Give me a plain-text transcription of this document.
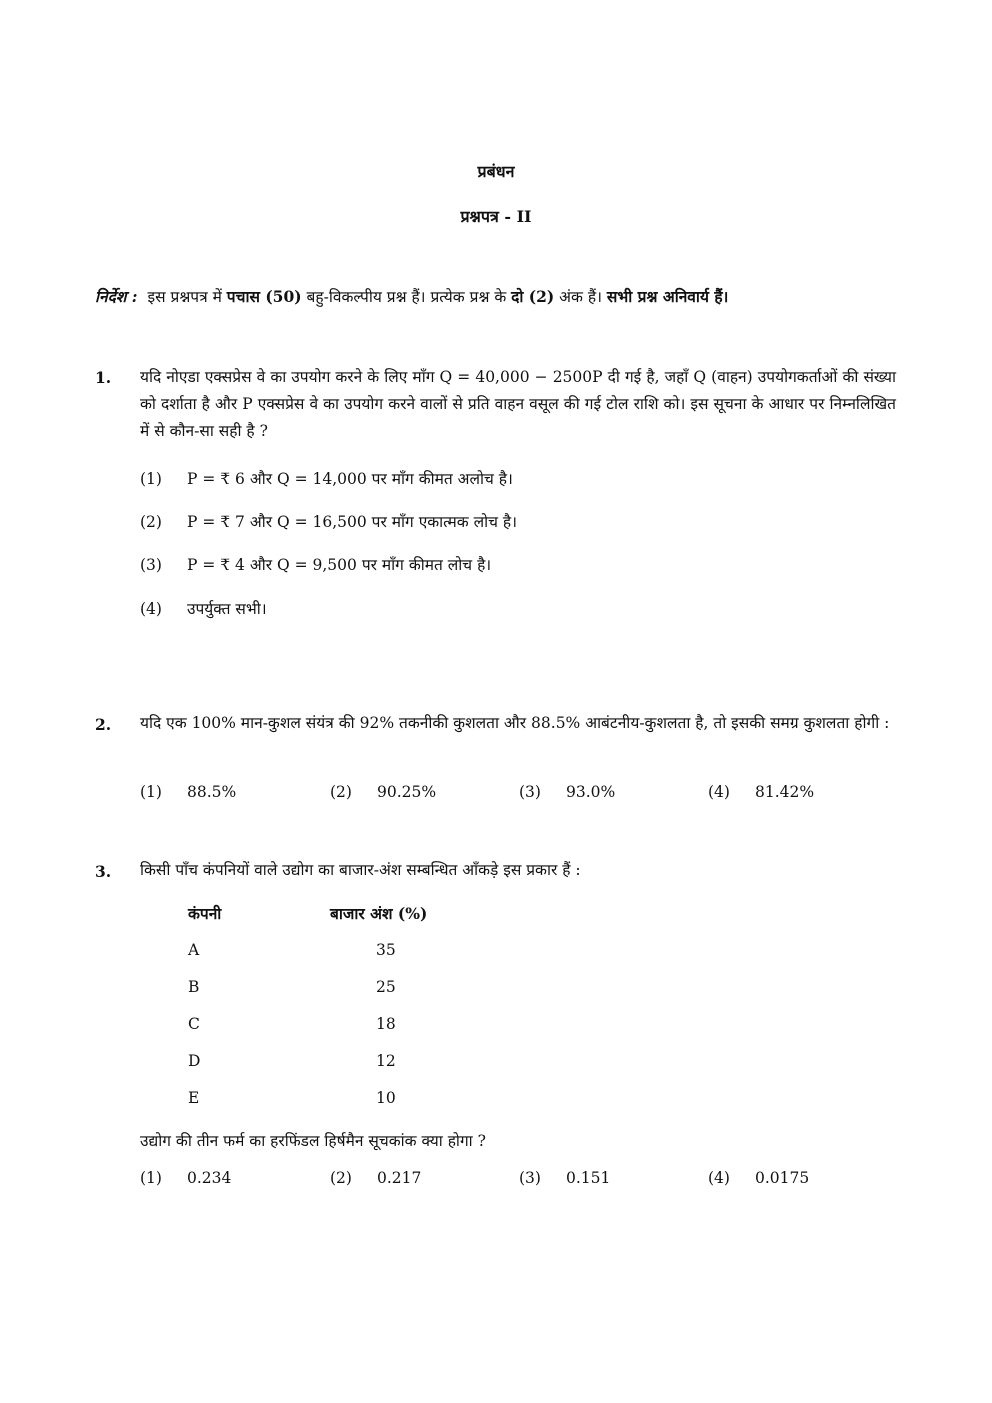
प्रबंधन
प्रश्नपत्र - II
निर्देश : इस प्रश्नपत्र में पचास (50) बहु-विकल्पीय प्रश्न हैं। प्रत्येक प्रश्न के दो (2) अंक हैं। सभी प्रश्न अनिवार्य हैं।
1. यदि नोएडा एक्सप्रेस वे का उपयोग करने के लिए माँग Q = 40,000 − 2500P दी गई है, जहाँ Q (वाहन) उपयोगकर्ताओं की संख्या को दर्शाता है और P एक्सप्रेस वे का उपयोग करने वालों से प्रति वाहन वसूल की गई टोल राशि को। इस सूचना के आधार पर निम्नलिखित में से कौन-सा सही है ?
(1) P = ₹ 6 और Q = 14,000 पर माँग कीमत अलोच है।
(2) P = ₹ 7 और Q = 16,500 पर माँग एकात्मक लोच है।
(3) P = ₹ 4 और Q = 9,500 पर माँग कीमत लोच है।
(4) उपर्युक्त सभी।
2. यदि एक 100% मान-कुशल संयंत्र की 92% तकनीकी कुशलता और 88.5% आबंटनीय-कुशलता है, तो इसकी समग्र कुशलता होगी :
(1) 88.5%	(2) 90.25%	(3) 93.0%	(4) 81.42%
3. किसी पाँच कंपनियों वाले उद्योग का बाजार-अंश सम्बन्धित आँकड़े इस प्रकार हैं :
कंपनी	बाजार अंश (%)
A	35
B	25
C	18
D	12
E	10
उद्योग की तीन फर्म का हरफिंडल हिर्षमैन सूचकांक क्या होगा ?
(1) 0.234	(2) 0.217	(3) 0.151	(4) 0.0175
